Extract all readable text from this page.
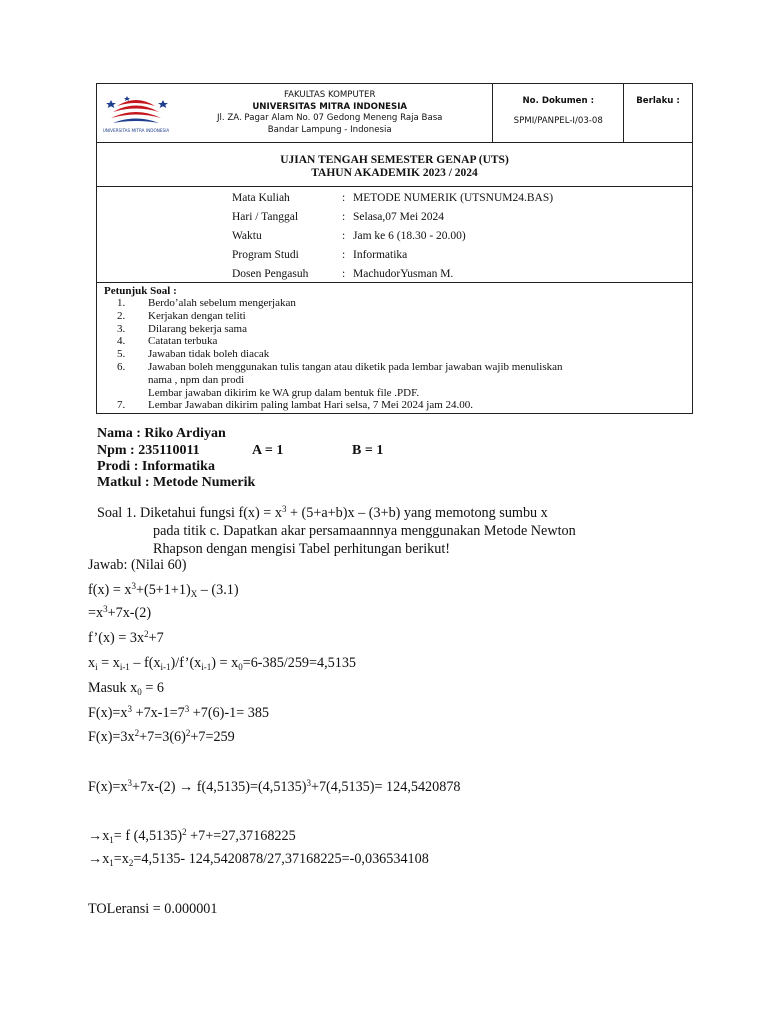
UNIVERSITAS MITRA INDONESIA
FAKULTAS KOMPUTER
UNIVERSITAS MITRA INDONESIA
Jl. ZA. Pagar Alam No. 07 Gedong Meneng Raja Basa
Bandar Lampung - Indonesia

No. Dokumen :
SPMI/PANPEL-I/03-08

Berlaku :

UJIAN TENGAH SEMESTER GENAP (UTS)
TAHUN AKADEMIK 2023 / 2024

Mata Kuliah	: METODE NUMERIK (UTSNUM24.BAS)
Hari / Tanggal	: Selasa,07 Mei 2024
Waktu	: Jam ke 6 (18.30 - 20.00)
Program Studi	: Informatika
Dosen Pengasuh	: MachudorYusman M.

Petunjuk Soal :
1. Berdo’alah sebelum mengerjakan
2. Kerjakan dengan teliti
3. Dilarang bekerja sama
4. Catatan terbuka
5. Jawaban tidak boleh diacak
6. Jawaban boleh menggunakan tulis tangan atau diketik pada lembar jawaban wajib menuliskan
nama , npm dan prodi
Lembar jawaban dikirim ke WA grup dalam bentuk file .PDF.
7. Lembar Jawaban dikirim paling lambat Hari selsa, 7 Mei 2024 jam 24.00.
Nama : Riko Ardiyan
Npm : 235110011	A = 1	B = 1
Prodi : Informatika
Matkul : Metode Numerik
Soal 1. Diketahui fungsi $f(x) = x^3 + (5+a+b)x - (3+b)$ yang memotong sumbu x
pada titik c. Dapatkan akar persamaannnya menggunakan Metode Newton
Rhapson dengan mengisi Tabel perhitungan berikut!
Jawab: (Nilai 60)
$f(x) = x^3+(5+1+1)_X - (3.1)$
$=x^3+7x-(2)$
f’(x) = $3x^2+7$
$x_i = x_{i-1}$ – $f(x_{i-1})/f’(x_{i-1}) = x_0=6-385/259=4,5135$
Masuk $x_0 = 6$
$F(x)=x^3 +7x-1=7^3 +7(6)-1= 385$
$F(x)=3x^2+7=3(6)^2+7=259$
$F(x)=x^3+7x-(2) \to f(4,5135)=(4,5135)^3+7(4,5135)= 124,5420878$
$\to x_1= f$ $(4,5135)^2 +7+=27,37168225$
$\to x_1=x_2=4,5135-$ 124,5420878/27,37168225=-0,036534108
TOLeransi = 0.000001
